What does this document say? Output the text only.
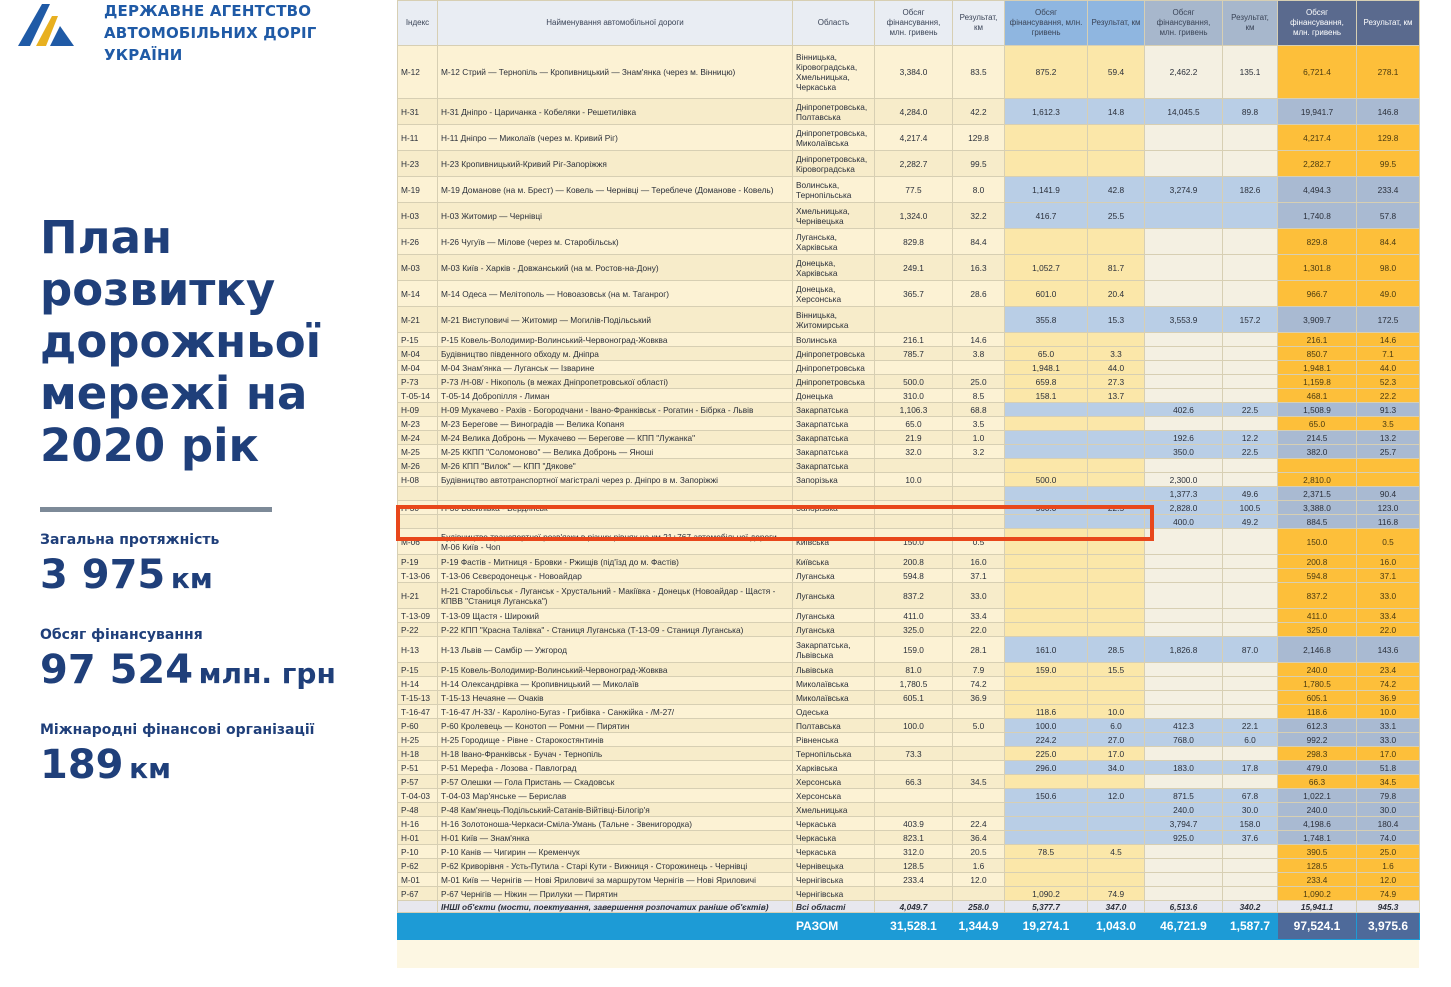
ДЕРЖАВНЕ АГЕНТСТВО
АВТОМОБІЛЬНИХ ДОРІГ УКРАЇНИ
План
розвитку
дорожньої
мережі на
2020 рік
Загальна протяжність
3 975 км
Обсяг фінансування
97 524 млн. грн
Міжнародні фінансові організації
189 км
Індекс	Найменування автомобільної дороги	Область	Обсяг фінансування, млн. гривень	Результат, км	Обсяг фінансування, млн. гривень	Результат, км	Обсяг фінансування, млн. гривень	Результат, км	Обсяг фінансування, млн. гривень	Результат, км
М-12	М-12 Стрий — Тернопіль — Кропивницький — Знам'янка (через м. Вінницю)	Вінницька, Кіровоградська, Хмельницька, Черкаська	3,384.0	83.5	875.2	59.4	2,462.2	135.1	6,721.4	278.1
Н-31	Н-31 Дніпро - Царичанка - Кобеляки - Решетилівка	Дніпропетровська, Полтавська	4,284.0	42.2	1,612.3	14.8	14,045.5	89.8	19,941.7	146.8
Н-11	Н-11 Дніпро — Миколаїв (через м. Кривий Ріг)	Дніпропетровська, Миколаївська	4,217.4	129.8					4,217.4	129.8
Н-23	Н-23 Кропивницький-Кривий Ріг-Запоріжжя	Дніпропетровська, Кіровоградська	2,282.7	99.5					2,282.7	99.5
М-19	М-19 Доманове (на м. Брест) — Ковель — Чернівці — Тереблече (Доманове - Ковель)	Волинська, Тернопільська	77.5	8.0	1,141.9	42.8	3,274.9	182.6	4,494.3	233.4
Н-03	Н-03 Житомир — Чернівці	Хмельницька, Чернівецька	1,324.0	32.2	416.7	25.5			1,740.8	57.8
Н-26	Н-26 Чугуїв — Мілове (через м. Старобільськ)	Луганська, Харківська	829.8	84.4					829.8	84.4
М-03	М-03 Київ - Харків - Довжанський (на м. Ростов-на-Дону)	Донецька, Харківська	249.1	16.3	1,052.7	81.7			1,301.8	98.0
М-14	М-14 Одеса — Мелітополь — Новоазовськ (на м. Таганрог)	Донецька, Херсонська	365.7	28.6	601.0	20.4			966.7	49.0
М-21	М-21 Виступовичі — Житомир — Могилів-Подільський	Вінницька, Житомирська			355.8	15.3	3,553.9	157.2	3,909.7	172.5
Р-15	Р-15 Ковель-Володимир-Волинський-Червоноград-Жовква	Волинська	216.1	14.6					216.1	14.6
М-04	Будівництво південного обходу м. Дніпра	Дніпропетровська	785.7	3.8	65.0	3.3			850.7	7.1
М-04	М-04 Знам'янка — Луганськ — Ізварине	Дніпропетровська			1,948.1	44.0			1,948.1	44.0
Р-73	Р-73 /Н-08/ - Нікополь (в межах Дніпропетровської області)	Дніпропетровська	500.0	25.0	659.8	27.3			1,159.8	52.3
Т-05-14	Т-05-14 Добропілля - Лиман	Донецька	310.0	8.5	158.1	13.7			468.1	22.2
Н-09	Н-09 Мукачево - Рахів - Богородчани - Івано-Франківськ - Рогатин - Бібрка - Львів	Закарпатська	1,106.3	68.8			402.6	22.5	1,508.9	91.3
М-23	М-23 Берегове — Виноградів — Велика Копаня	Закарпатська	65.0	3.5					65.0	3.5
М-24	М-24 Велика Добронь — Мукачево — Берегове — КПП "Лужанка"	Закарпатська	21.9	1.0			192.6	12.2	214.5	13.2
М-25	М-25 ККПП "Соломоново" — Велика Добронь — Яноші	Закарпатська	32.0	3.2			350.0	22.5	382.0	25.7
М-26	М-26 КПП "Вилок" — КПП "Дякове"	Закарпатська								
Н-08	Будівництво автотранспортної магістралі через р. Дніпро в м. Запоріжжі	Запорізька	10.0		500.0		2,300.0		2,810.0	
							1,377.3	49.6	2,371.5	90.4
Н-30	Н-30 Василівка - Бердянськ	Запорізька			560.0	22.5	2,828.0	100.5	3,388.0	123.0
							400.0	49.2	884.5	116.8
М-06	Будівництво транспортної розв'язки в різних рівнях на км 21+767 автомобільної дороги М-06 Київ - Чоп	Київська	150.0	0.5					150.0	0.5
Р-19	Р-19 Фастів - Митниця - Бровки - Ржищів (під'їзд до м. Фастів)	Київська	200.8	16.0					200.8	16.0
Т-13-06	Т-13-06 Сєвєродонецьк - Новоайдар	Луганська	594.8	37.1					594.8	37.1
Н-21	Н-21 Старобільськ - Луганськ - Хрустальний - Макіївка - Донецьк (Новоайдар - Щастя - КПВВ "Станиця Луганська")	Луганська	837.2	33.0					837.2	33.0
Т-13-09	Т-13-09 Щастя - Широкий	Луганська	411.0	33.4					411.0	33.4
Р-22	Р-22 КПП "Красна Талівка" - Станиця Луганська (Т-13-09 - Станиця Луганська)	Луганська	325.0	22.0					325.0	22.0
Н-13	Н-13 Львів — Самбір — Ужгород	Закарпатська, Львівська	159.0	28.1	161.0	28.5	1,826.8	87.0	2,146.8	143.6
Р-15	Р-15 Ковель-Володимир-Волинський-Червоноград-Жовква	Львівська	81.0	7.9	159.0	15.5			240.0	23.4
Н-14	Н-14 Олександрівка — Кропивницький — Миколаїв	Миколаївська	1,780.5	74.2					1,780.5	74.2
Т-15-13	Т-15-13 Нечаяне — Очаків	Миколаївська	605.1	36.9					605.1	36.9
Т-16-47	Т-16-47 /Н-33/ - Кароліно-Бугаз - Грибівка - Санжійка - /М-27/	Одеська			118.6	10.0			118.6	10.0
Р-60	Р-60 Кролевець — Конотоп — Ромни — Пирятин	Полтавська	100.0	5.0	100.0	6.0	412.3	22.1	612.3	33.1
Н-25	Н-25 Городище - Рівне - Старокостянтинів	Рівненська			224.2	27.0	768.0	6.0	992.2	33.0
Н-18	Н-18 Івано-Франківськ - Бучач - Тернопіль	Тернопільська	73.3		225.0	17.0			298.3	17.0
Р-51	Р-51 Мерефа - Лозова - Павлоград	Харківська			296.0	34.0	183.0	17.8	479.0	51.8
Р-57	Р-57 Олешки — Гола Пристань — Скадовськ	Херсонська	66.3	34.5					66.3	34.5
Т-04-03	Т-04-03 Мар'янське — Берислав	Херсонська			150.6	12.0	871.5	67.8	1,022.1	79.8
Р-48	Р-48 Кам'янець-Подільський-Сатанів-Війтівці-Білогір'я	Хмельницька					240.0	30.0	240.0	30.0
Н-16	Н-16 Золотоноша-Черкаси-Сміла-Умань (Тальне - Звенигородка)	Черкаська	403.9	22.4			3,794.7	158.0	4,198.6	180.4
Н-01	Н-01 Київ — Знам'янка	Черкаська	823.1	36.4			925.0	37.6	1,748.1	74.0
Р-10	Р-10 Канів — Чигирин — Кременчук	Черкаська	312.0	20.5	78.5	4.5			390.5	25.0
Р-62	Р-62 Криворівня - Усть-Путила - Старі Кути - Вижниця - Сторожинець - Чернівці	Чернівецька	128.5	1.6					128.5	1.6
М-01	М-01 Київ — Чернігів — Нові Яриловичі за маршрутом Чернігів — Нові Яриловичі	Чернігівська	233.4	12.0					233.4	12.0
Р-67	Р-67 Чернігів — Ніжин — Прилуки — Пирятин	Чернігівська			1,090.2	74.9			1,090.2	74.9
	ІНШІ об'єкти (мости, поектування, завершення розпочатих раніше об'єктів)	Всі області	4,049.7	258.0	5,377.7	347.0	6,513.6	340.2	15,941.1	945.3
		РАЗОМ	31,528.1	1,344.9	19,274.1	1,043.0	46,721.9	1,587.7	97,524.1	3,975.6
